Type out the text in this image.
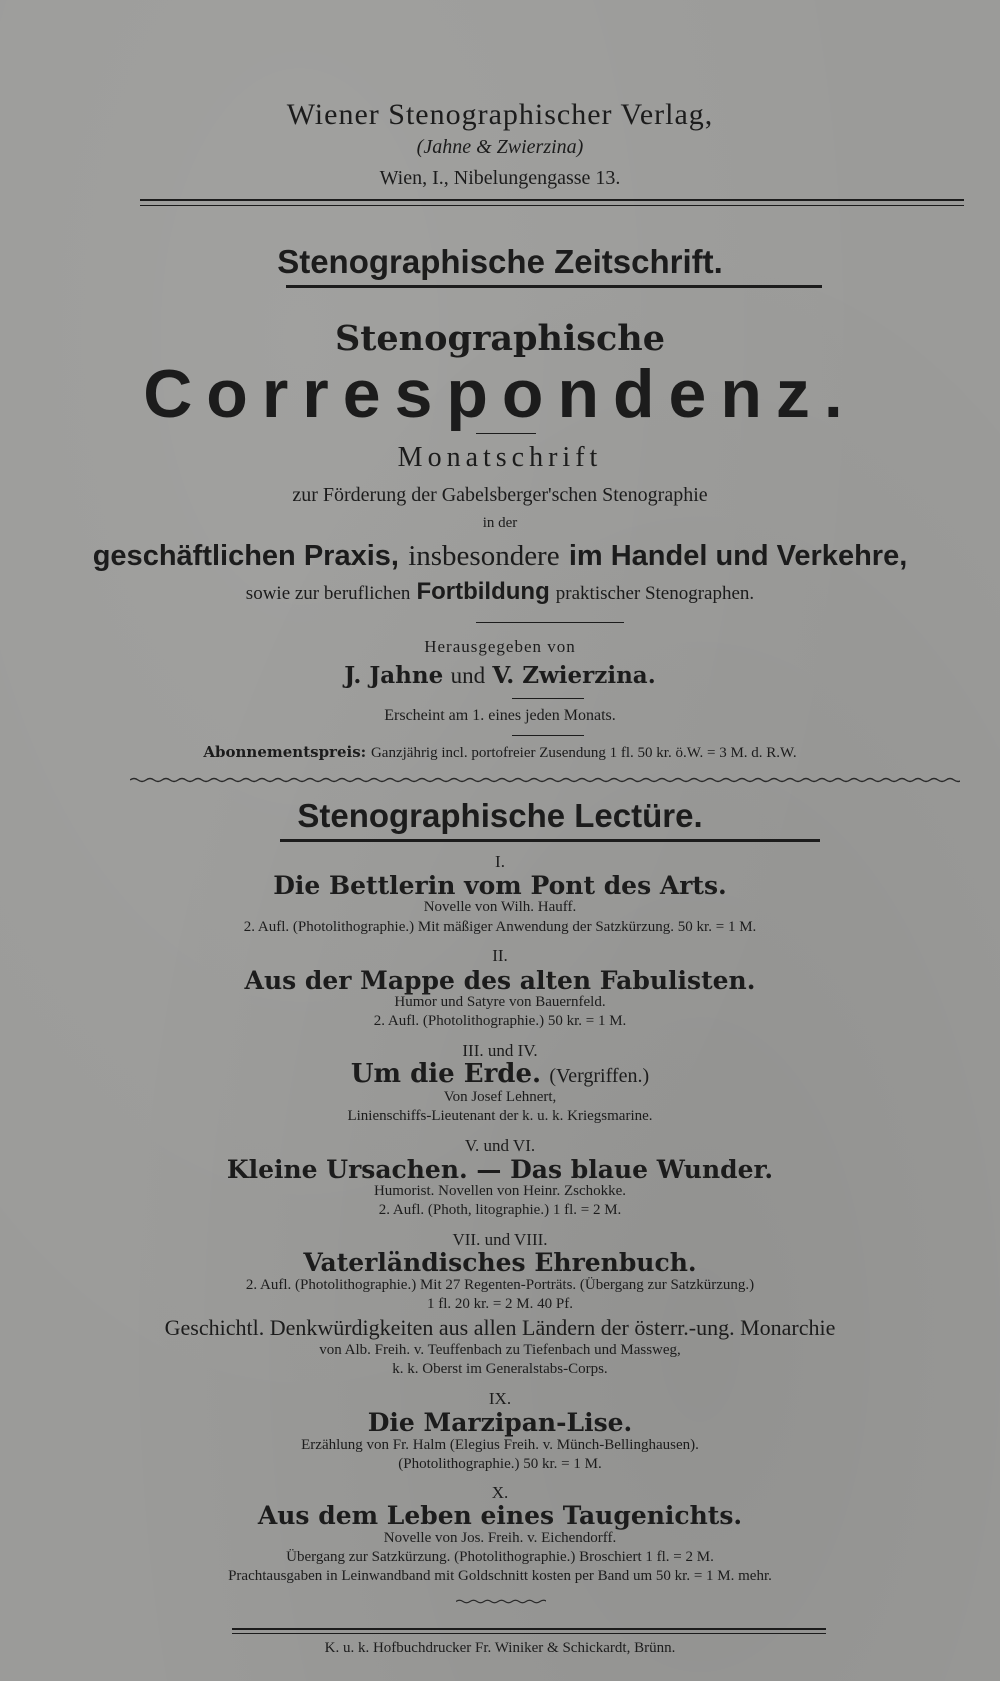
Wiener Stenographischer Verlag,
(Jahne & Zwierzina)
Wien, I., Nibelungengasse 13.
Stenographische Zeitschrift.
Stenographische
Correspondenz.
Monatschrift
zur Förderung der Gabelsberger'schen Stenographie
in der
geschäftlichen Praxis, insbesondere im Handel und Verkehre,
sowie zur beruflichen Fortbildung praktischer Stenographen.
Herausgegeben von
J. Jahne und V. Zwierzina.
Erscheint am 1. eines jeden Monats.
Abonnementspreis: Ganzjährig incl. portofreier Zusendung 1 fl. 50 kr. ö.W. = 3 M. d. R.W.
Stenographische Lectüre.
I.
Die Bettlerin vom Pont des Arts.
Novelle von Wilh. Hauff.
2. Aufl. (Photolithographie.) Mit mäßiger Anwendung der Satzkürzung. 50 kr. = 1 M.
II.
Aus der Mappe des alten Fabulisten.
Humor und Satyre von Bauernfeld.
2. Aufl. (Photolithographie.) 50 kr. = 1 M.
III. und IV.
Um die Erde. (Vergriffen.)
Von Josef Lehnert,
Linienschiffs-Lieutenant der k. u. k. Kriegsmarine.
V. und VI.
Kleine Ursachen. — Das blaue Wunder.
Humorist. Novellen von Heinr. Zschokke.
2. Aufl. (Photh, litographie.) 1 fl. = 2 M.
VII. und VIII.
Vaterländisches Ehrenbuch.
2. Aufl. (Photolithographie.) Mit 27 Regenten-Porträts. (Übergang zur Satzkürzung.)
1 fl. 20 kr. = 2 M. 40 Pf.
Geschichtl. Denkwürdigkeiten aus allen Ländern der österr.-ung. Monarchie
von Alb. Freih. v. Teuffenbach zu Tiefenbach und Massweg,
k. k. Oberst im Generalstabs-Corps.
IX.
Die Marzipan-Lise.
Erzählung von Fr. Halm (Elegius Freih. v. Münch-Bellinghausen).
(Photolithographie.) 50 kr. = 1 M.
X.
Aus dem Leben eines Taugenichts.
Novelle von Jos. Freih. v. Eichendorff.
Übergang zur Satzkürzung. (Photolithographie.) Broschiert 1 fl. = 2 M.
Prachtausgaben in Leinwandband mit Goldschnitt kosten per Band um 50 kr. = 1 M. mehr.
K. u. k. Hofbuchdrucker Fr. Winiker & Schickardt, Brünn.
